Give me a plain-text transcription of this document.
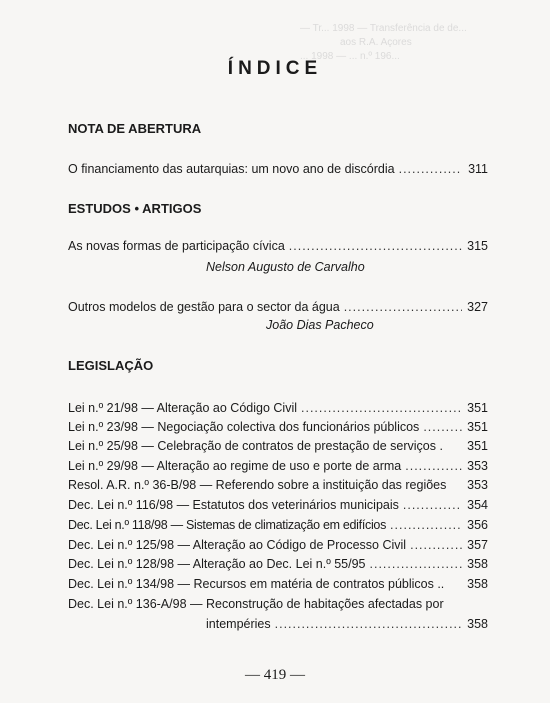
— Tr... 1998 — Transferência de de...
aos R.A. Açores
... 1998 — ... n.º 196...
ÍNDICE
NOTA DE ABERTURA
O financiamento das autarquias: um novo ano de discórdia .....	311
ESTUDOS • ARTIGOS
As novas formas de participação cívica .....	315
Nelson Augusto de Carvalho
Outros modelos de gestão para o sector da água .....	327
João Dias Pacheco
LEGISLAÇÃO
Lei n.º 21/98 — Alteração ao Código Civil .....	351
Lei n.º 23/98 — Negociação colectiva dos funcionários públicos .....	351
Lei n.º 25/98 — Celebração de contratos de prestação de serviços . 351
Lei n.º 29/98 — Alteração ao regime de uso e porte de arma .....	353
Resol. A.R. n.º 36-B/98 — Referendo sobre a instituição das regiões 353
Dec. Lei n.º 116/98 — Estatutos dos veterinários municipais .....	354
Dec. Lei n.º 118/98 — Sistemas de climatização em edifícios .....	356
Dec. Lei n.º 125/98 — Alteração ao Código de Processo Civil .....	357
Dec. Lei n.º 128/98 — Alteração ao Dec. Lei n.º 55/95 .....	358
Dec. Lei n.º 134/98 — Recursos em matéria de contratos públicos .. 358
Dec. Lei n.º 136-A/98 — Reconstrução de habitações afectadas por
intempéries .....	358
— 419 —
